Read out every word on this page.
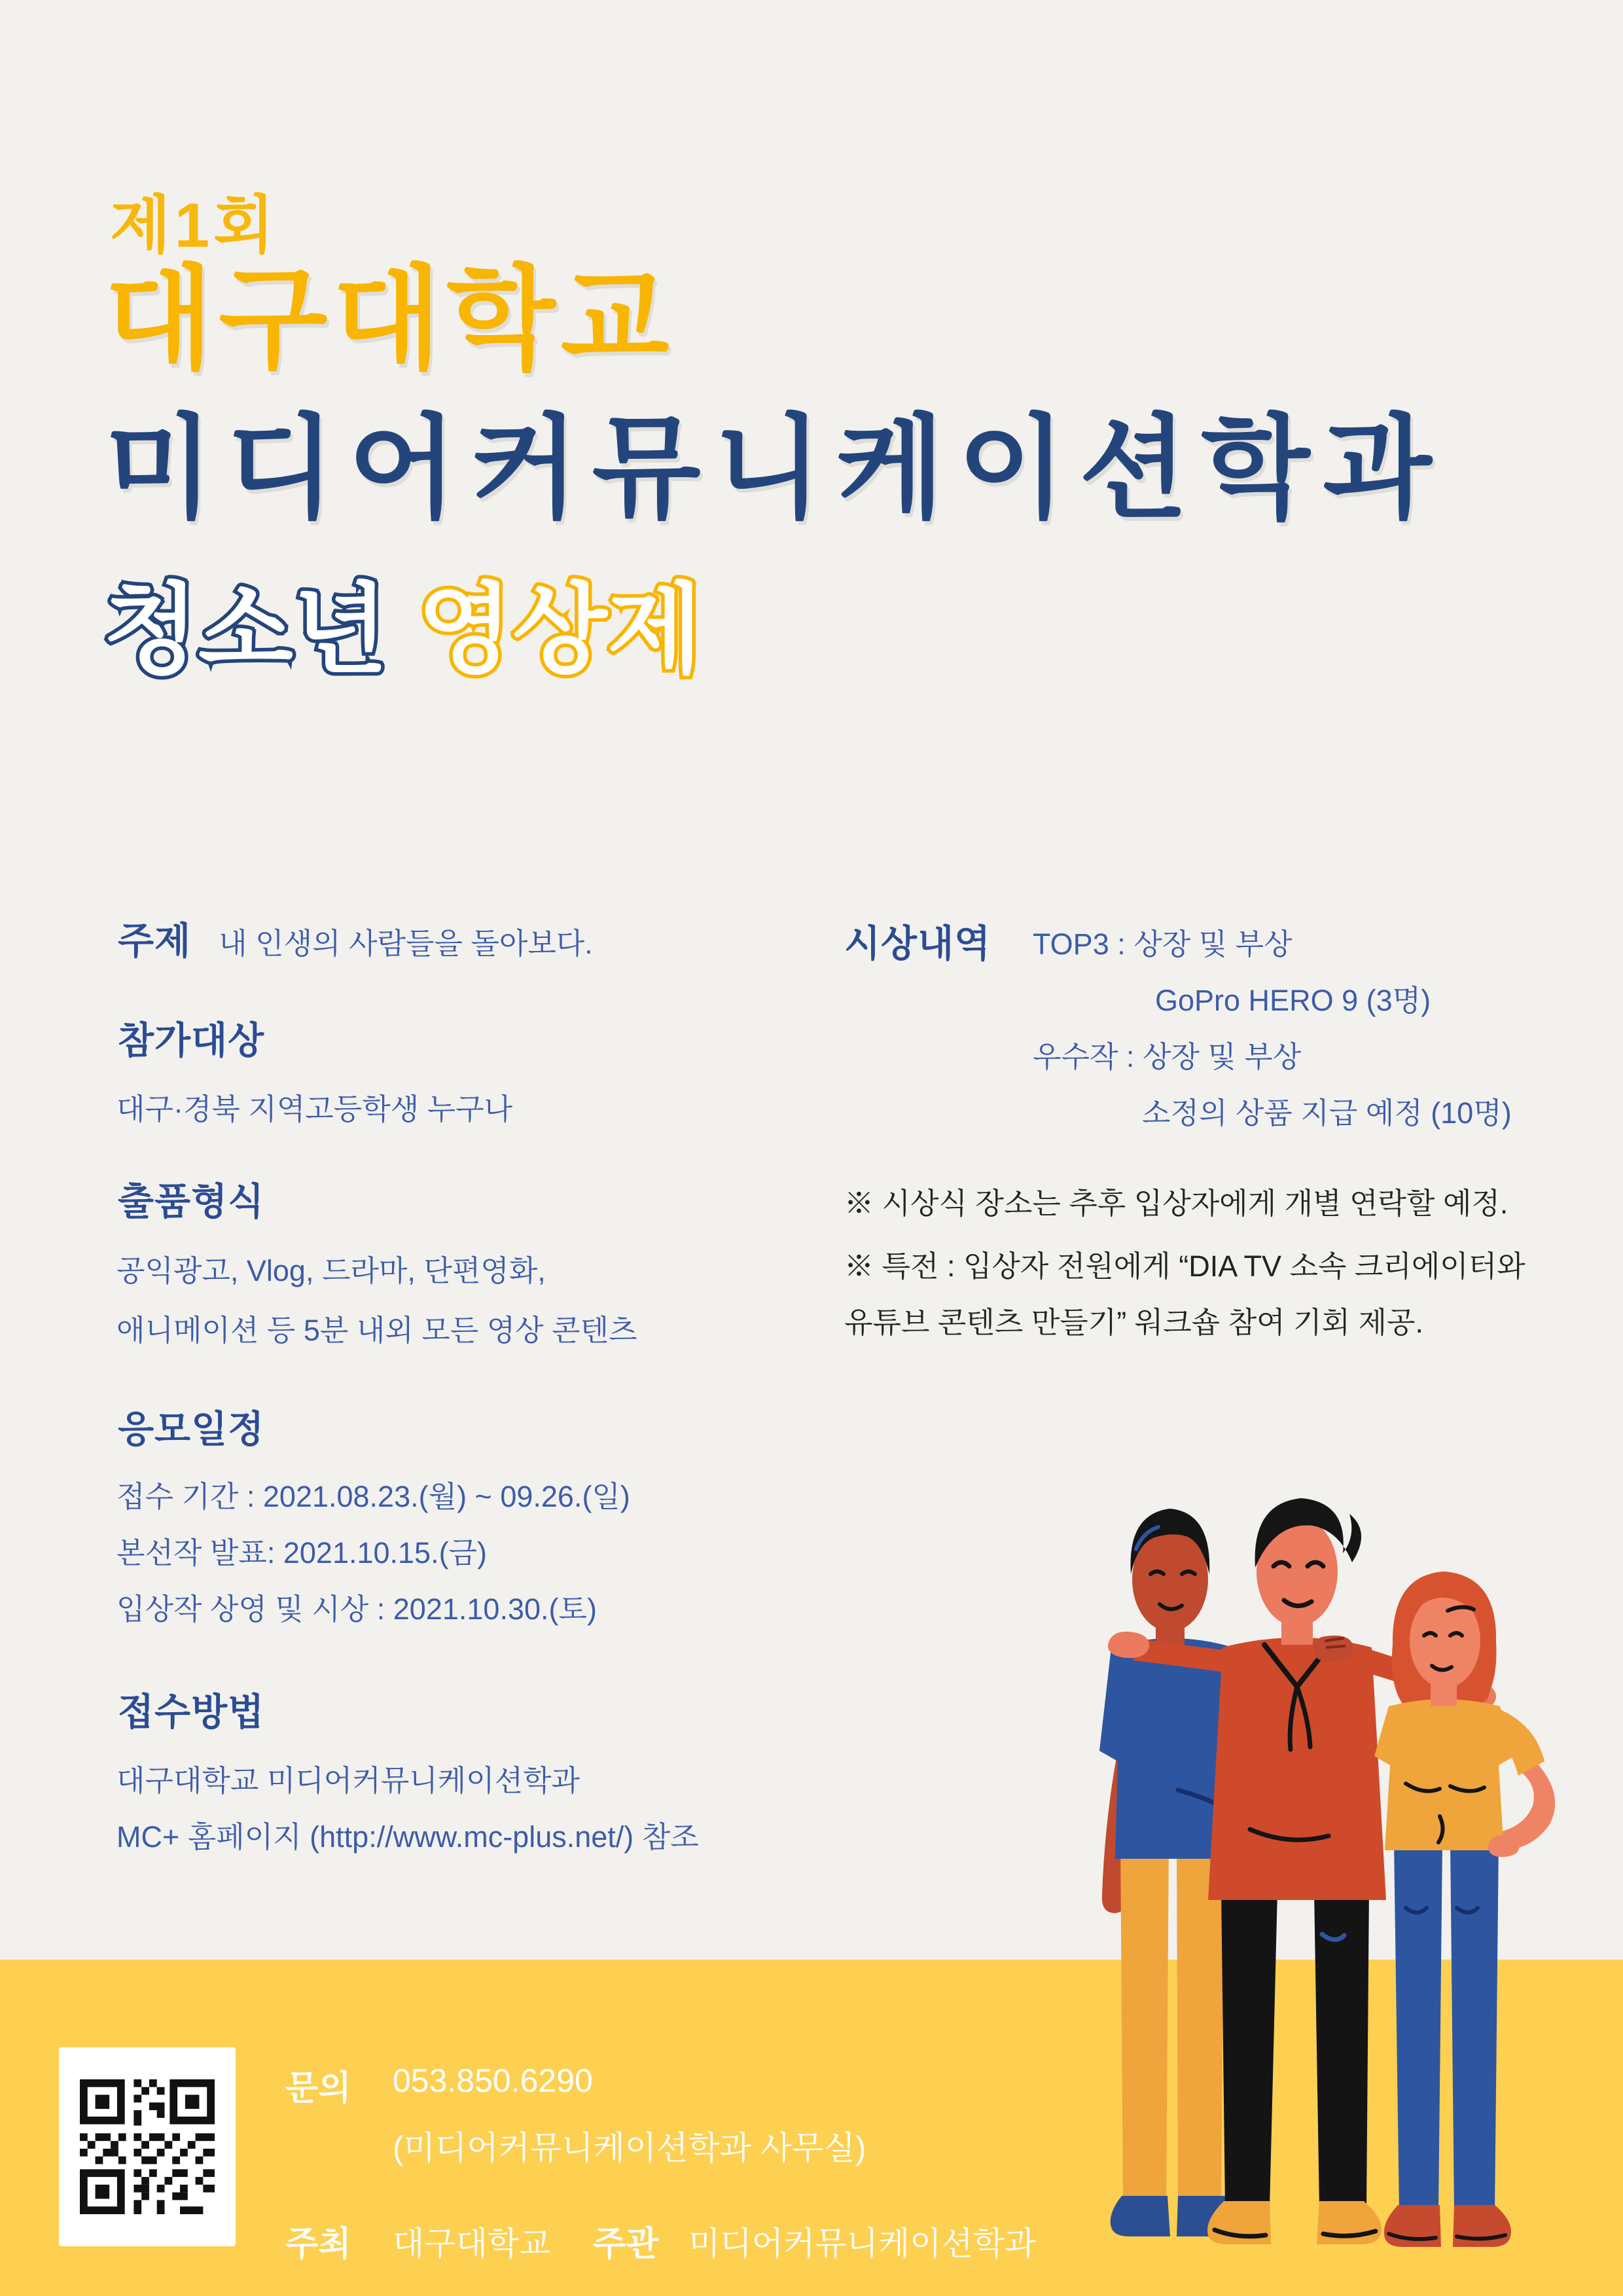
제1회
대구대학교
미디어커뮤니케이션학과
청소년 영상제
주제 내 인생의 사람들을 돌아보다.
참가대상
대구·경북 지역고등학생 누구나
출품형식
공익광고, Vlog, 드라마, 단편영화,
애니메이션 등 5분 내외 모든 영상 콘텐츠
응모일정
접수 기간 : 2021.08.23.(월) ~ 09.26.(일)
본선작 발표: 2021.10.15.(금)
입상작 상영 및 시상 : 2021.10.30.(토)
접수방법
대구대학교 미디어커뮤니케이션학과
MC+ 홈페이지 (http://www.mc-plus.net/) 참조
시상내역 TOP3 : 상장 및 부상
GoPro HERO 9 (3명)
우수작 : 상장 및 부상
소정의 상품 지급 예정 (10명)
※ 시상식 장소는 추후 입상자에게 개별 연락할 예정.
※ 특전 : 입상자 전원에게 “DIA TV 소속 크리에이터와
유튜브 콘텐츠 만들기” 워크숍 참여 기회 제공.
문의 053.850.6290
(미디어커뮤니케이션학과 사무실)
주최 대구대학교 주관 미디어커뮤니케이션학과
